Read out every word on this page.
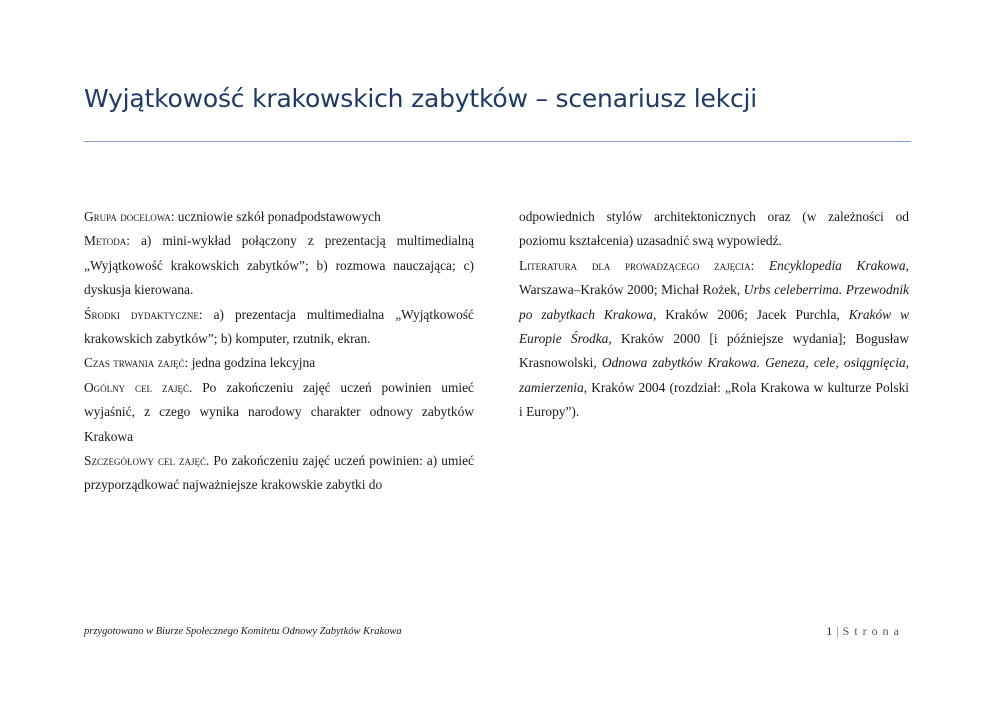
Wyjątkowość krakowskich zabytków – scenariusz lekcji

Grupa docelowa: uczniowie szkół ponadpodstawowych

Metoda: a) mini-wykład połączony z prezentacją multimedialną „Wyjątkowość krakowskich zabytków”; b) rozmowa nauczająca; c) dyskusja kierowana.

Środki dydaktyczne: a) prezentacja multimedialna „Wyjątkowość krakowskich zabytków”; b) komputer, rzutnik, ekran.

Czas trwania zajęć: jedna godzina lekcyjna

Ogólny cel zajęć. Po zakończeniu zajęć uczeń powinien umieć wyjaśnić, z czego wynika narodowy charakter odnowy zabytków Krakowa

Szczegółowy cel zajęć. Po zakończeniu zajęć uczeń powinien: a) umieć przyporządkować najważniejsze krakowskie zabytki do

odpowiednich stylów architektonicznych oraz (w zależności od poziomu kształcenia) uzasadnić swą wypowiedź.

Literatura dla prowadzącego zajęcia: Encyklopedia Krakowa, Warszawa–Kraków 2000; Michał Rożek, Urbs celeberrima. Przewodnik po zabytkach Krakowa, Kraków 2006; Jacek Purchla, Kraków w Europie Środka, Kraków 2000 [i późniejsze wydania]; Bogusław Krasnowolski, Odnowa zabytków Krakowa. Geneza, cele, osiągnięcia, zamierzenia, Kraków 2004 (rozdział: „Rola Krakowa w kulturze Polski i Europy”).

przygotowano w Biurze Społecznego Komitetu Odnowy Zabytków Krakowa	1 | Strona
